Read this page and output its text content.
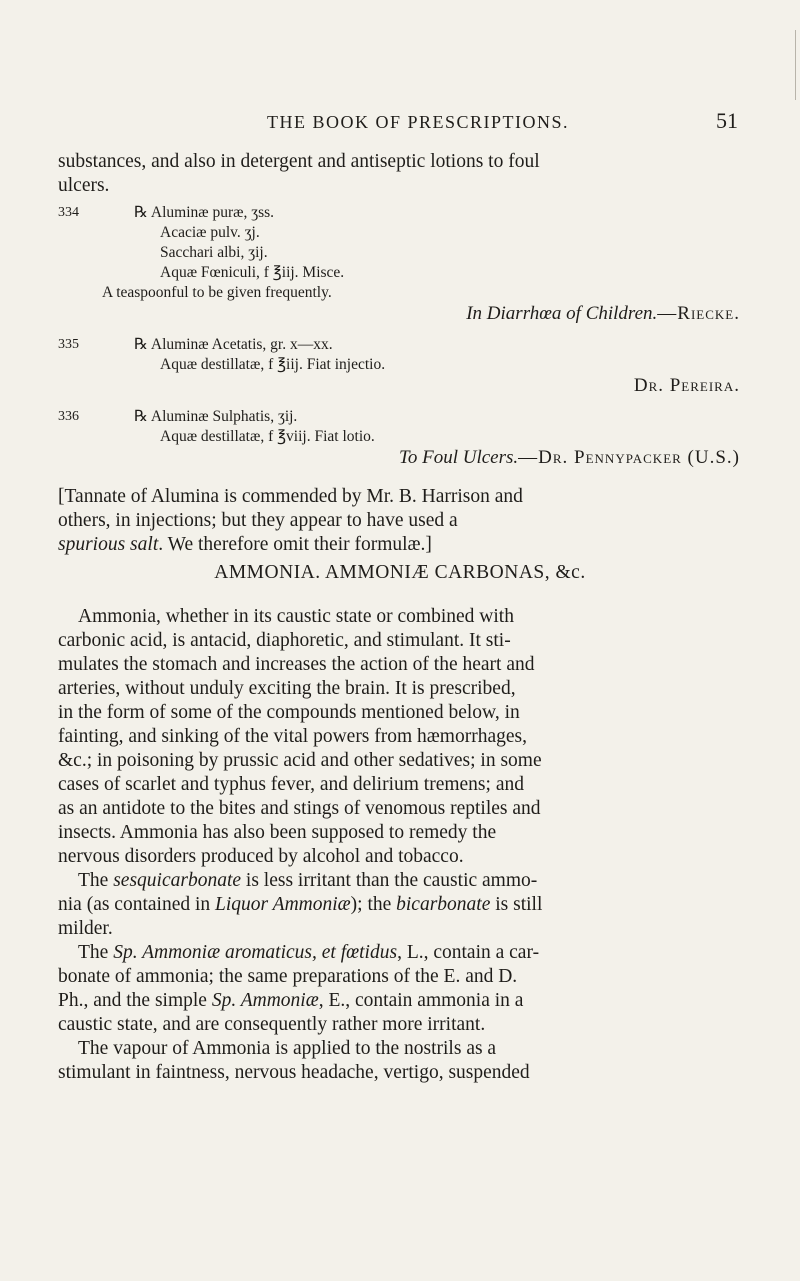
THE BOOK OF PRESCRIPTIONS.	51

substances, and also in detergent and antiseptic lotions to foul

ulcers.

334	℞ Aluminæ puræ, ʒss.
Acaciæ pulv. ʒj.
Sacchari albi, ʒij.
Aquæ Fœniculi, f ℥iij. Misce.
A teaspoonful to be given frequently.
In Diarrhœa of Children.—Riecke.
335	℞ Aluminæ Acetatis, gr. x—xx.
Aquæ destillatæ, f ℥iij. Fiat injectio.
Dr. Pereira.
336	℞ Aluminæ Sulphatis, ʒij.
Aquæ destillatæ, f ℥viij. Fiat lotio.
To Foul Ulcers.—Dr. Pennypacker (U.S.)

[Tannate of Alumina is commended by Mr. B. Harrison and

others, in injections; but they appear to have used a

spurious salt. We therefore omit their formulæ.]

AMMONIA. AMMONIÆ CARBONAS, &c.

Ammonia, whether in its caustic state or combined with

carbonic acid, is antacid, diaphoretic, and stimulant. It sti-

mulates the stomach and increases the action of the heart and

arteries, without unduly exciting the brain. It is prescribed,

in the form of some of the compounds mentioned below, in

fainting, and sinking of the vital powers from hæmorrhages,

&c.; in poisoning by prussic acid and other sedatives; in some

cases of scarlet and typhus fever, and delirium tremens; and

as an antidote to the bites and stings of venomous reptiles and

insects. Ammonia has also been supposed to remedy the

nervous disorders produced by alcohol and tobacco.

The sesquicarbonate is less irritant than the caustic ammo-

nia (as contained in Liquor Ammoniæ); the bicarbonate is still

milder.

The Sp. Ammoniæ aromaticus, et fœtidus, L., contain a car-

bonate of ammonia; the same preparations of the E. and D.

Ph., and the simple Sp. Ammoniæ, E., contain ammonia in a

caustic state, and are consequently rather more irritant.

The vapour of Ammonia is applied to the nostrils as a

stimulant in faintness, nervous headache, vertigo, suspended
